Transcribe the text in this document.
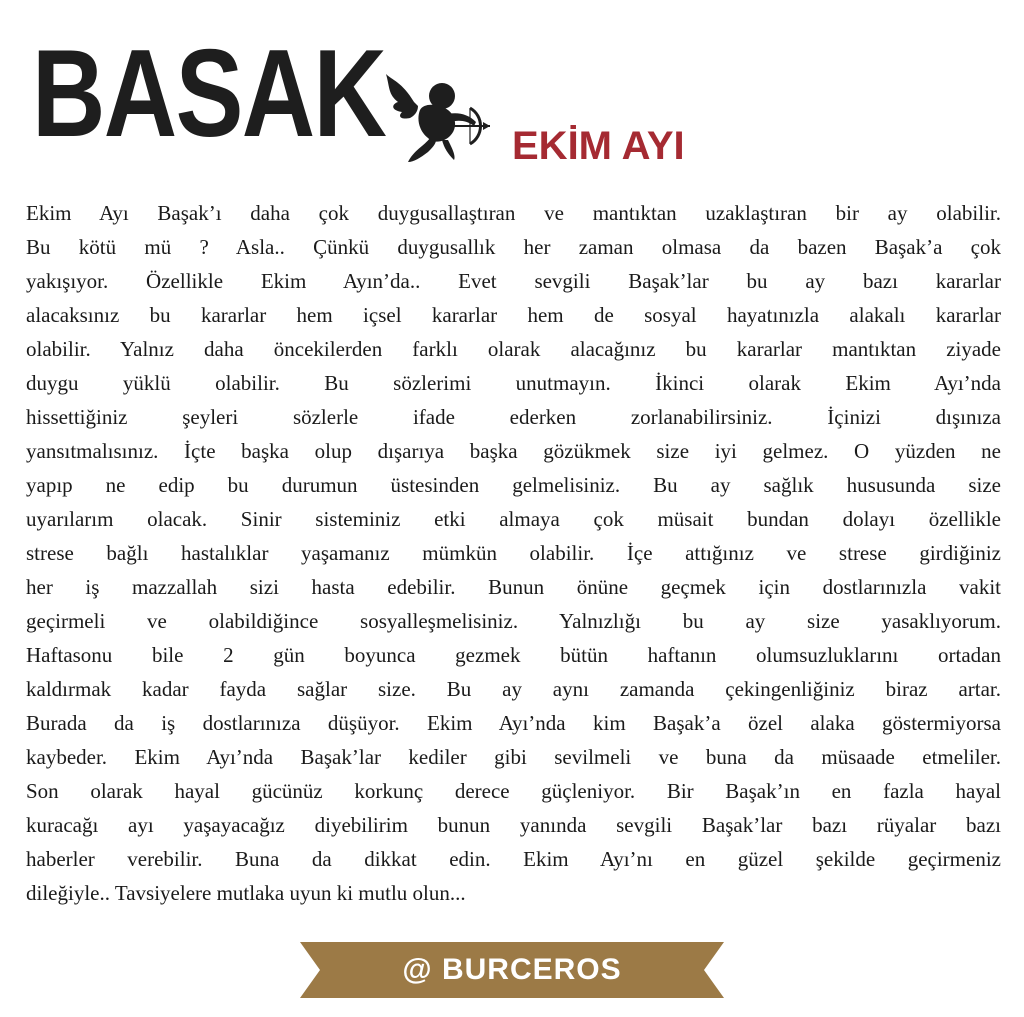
BASAK	EKİM AYI
Ekim Ayı Başak’ı daha çok duygusallaştıran ve mantıktan uzaklaştıran bir ay olabilir.
Bu kötü mü ? Asla.. Çünkü duygusallık her zaman olmasa da bazen Başak’a çok
yakışıyor. Özellikle Ekim Ayın’da.. Evet sevgili Başak’lar bu ay bazı kararlar
alacaksınız bu kararlar hem içsel kararlar hem de sosyal hayatınızla alakalı kararlar
olabilir. Yalnız daha öncekilerden farklı olarak alacağınız bu kararlar mantıktan ziyade
duygu yüklü olabilir. Bu sözlerimi unutmayın. İkinci olarak Ekim Ayı’nda
hissettiğiniz şeyleri sözlerle ifade ederken zorlanabilirsiniz. İçinizi dışınıza
yansıtmalısınız. İçte başka olup dışarıya başka gözükmek size iyi gelmez. O yüzden ne
yapıp ne edip bu durumun üstesinden gelmelisiniz. Bu ay sağlık hususunda size
uyarılarım olacak. Sinir sisteminiz etki almaya çok müsait bundan dolayı özellikle
strese bağlı hastalıklar yaşamanız mümkün olabilir. İçe attığınız ve strese girdiğiniz
her iş mazzallah sizi hasta edebilir. Bunun önüne geçmek için dostlarınızla vakit
geçirmeli ve olabildiğince sosyalleşmelisiniz. Yalnızlığı bu ay size yasaklıyorum.
Haftasonu bile 2 gün boyunca gezmek bütün haftanın olumsuzluklarını ortadan
kaldırmak kadar fayda sağlar size. Bu ay aynı zamanda çekingenliğiniz biraz artar.
Burada da iş dostlarınıza düşüyor. Ekim Ayı’nda kim Başak’a özel alaka göstermiyorsa
kaybeder. Ekim Ayı’nda Başak’lar kediler gibi sevilmeli ve buna da müsaade etmeliler.
Son olarak hayal gücünüz korkunç derece güçleniyor. Bir Başak’ın en fazla hayal
kuracağı ayı yaşayacağız diyebilirim bunun yanında sevgili Başak’lar bazı rüyalar bazı
haberler verebilir. Buna da dikkat edin. Ekim Ayı’nı en güzel şekilde geçirmeniz
dileğiyle.. Tavsiyelere mutlaka uyun ki mutlu olun...
@ BURCEROS
